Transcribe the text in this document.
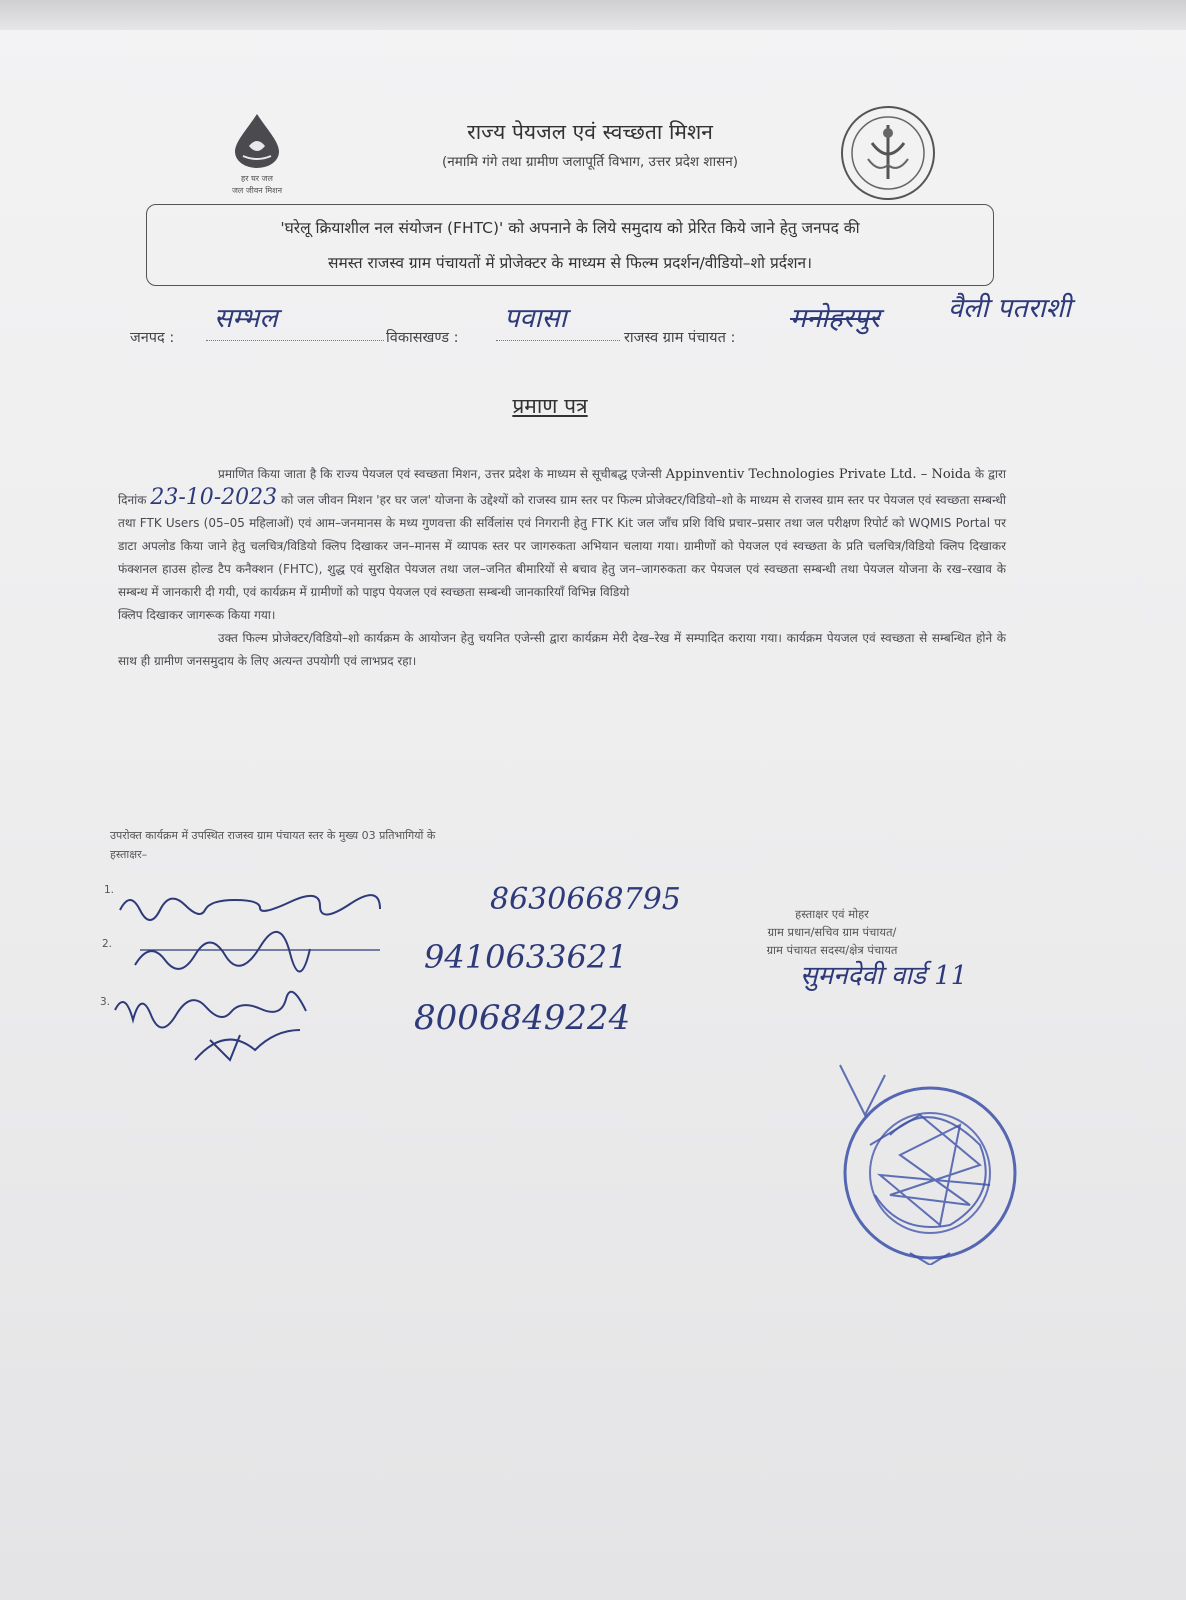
हर घर जल
जल जीवन मिशन
राज्य पेयजल एवं स्वच्छता मिशन
(नमामि गंगे तथा ग्रामीण जलापूर्ति विभाग, उत्तर प्रदेश शासन)
'घरेलू क्रियाशील नल संयोजन (FHTC)' को अपनाने के लिये समुदाय को प्रेरित किये जाने हेतु जनपद की
समस्त राजस्व ग्राम पंचायतों में प्रोजेक्टर के माध्यम से फिल्म प्रदर्शन/वीडियो–शो प्रर्दशन।
जनपद :
सम्भल
विकासखण्ड :
पवासा
राजस्व ग्राम पंचायत :
मनोहरपुर	वैली पतराशी
प्रमाण पत्र

प्रमाणित किया जाता है कि राज्य पेयजल एवं स्वच्छता मिशन, उत्तर प्रदेश के माध्यम से सूचीबद्ध एजेन्सी Appinventiv Technologies Private Ltd. – Noida के द्वारा दिनांक 23-10-2023 को जल जीवन मिशन 'हर घर जल' योजना के उद्देश्यों को राजस्व ग्राम स्तर पर फिल्म प्रोजेक्टर/विडियो–शो के माध्यम से राजस्व ग्राम स्तर पर पेयजल एवं स्वच्छता सम्बन्धी तथा FTK Users (05–05 महिलाओं) एवं आम–जनमानस के मध्य गुणवत्ता की सर्विलांस एवं निगरानी हेतु FTK Kit जल जाँच प्रशि विधि प्रचार–प्रसार तथा जल परीक्षण रिपोर्ट को WQMIS Portal पर डाटा अपलोड किया जाने हेतु चलचित्र/विडियो क्लिप दिखाकर जन–मानस में व्यापक स्तर पर जागरुकता अभियान चलाया गया। ग्रामीणों को पेयजल एवं स्वच्छता के प्रति चलचित्र/विडियो क्लिप दिखाकर फंक्शनल हाउस होल्ड टैप कनैक्शन (FHTC), शुद्ध एवं सुरक्षित पेयजल तथा जल–जनित बीमारियों से बचाव हेतु जन–जागरुकता कर पेयजल एवं स्वच्छता सम्बन्धी तथा पेयजल योजना के रख–रखाव के सम्बन्ध में जानकारी दी गयी, एवं कार्यक्रम में ग्रामीणों को पाइप पेयजल एवं स्वच्छता सम्बन्धी जानकारियाँ विभिन्न विडियो

क्लिप दिखाकर जागरूक किया गया।

उक्त फिल्म प्रोजेक्टर/विडियो–शो कार्यक्रम के आयोजन हेतु चयनित एजेन्सी द्वारा कार्यक्रम मेरी देख–रेख में सम्पादित कराया गया। कार्यक्रम पेयजल एवं स्वच्छता से सम्बन्धित होने के साथ ही ग्रामीण जनसमुदाय के लिए अत्यन्त उपयोगी एवं लाभप्रद रहा।

उपरोक्त कार्यक्रम में उपस्थित राजस्व ग्राम पंचायत स्तर के मुख्य 03 प्रतिभागियों के
हस्ताक्षर–
1.
2.
3.
8630668795
9410633621
8006849224
हस्ताक्षर एवं मोहर
ग्राम प्रधान/सचिव ग्राम पंचायत/
ग्राम पंचायत सदस्य/क्षेत्र पंचायत
सुमनदेवी वार्ड 11
